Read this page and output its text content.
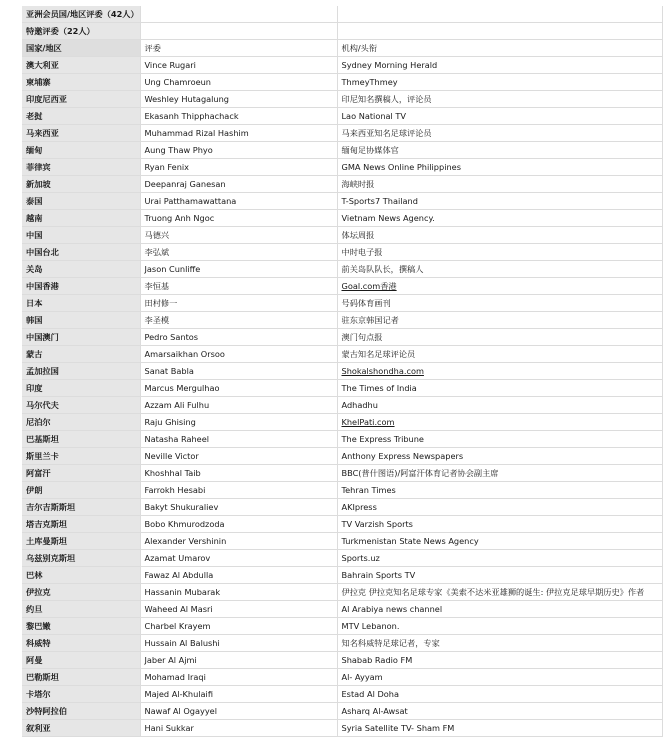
亚洲会员国/地区评委（42人）		
特邀评委（22人）		
国家/地区	评委	机构/头衔
澳大利亚	Vince Rugari	Sydney Morning Herald
柬埔寨	Ung Chamroeun	ThmeyThmey
印度尼西亚	Weshley Hutagalung	印尼知名撰稿人，评论员
老挝	Ekasanh Thipphachack	Lao National TV
马来西亚	Muhammad Rizal Hashim	马来西亚知名足球评论员
缅甸	Aung Thaw Phyo	缅甸足协媒体官
菲律宾	Ryan Fenix	GMA News Online Philippines
新加坡	Deepanraj Ganesan	海峡时报
泰国	Urai Patthamawattana	T-Sports7 Thailand
越南	Truong Anh Ngoc	Vietnam News Agency.
中国	马德兴	体坛周报
中国台北	李弘斌	中时电子报
关岛	Jason Cunliffe	前关岛队队长，撰稿人
中国香港	李恒基	Goal.com香港
日本	田村修一	号码体育画刊
韩国	李圣模	驻东京韩国记者
中国澳门	Pedro Santos	澳门句点报
蒙古	Amarsaikhan Orsoo	蒙古知名足球评论员
孟加拉国	Sanat Babla	Shokalshondha.com
印度	Marcus Mergulhao	The Times of India
马尔代夫	Azzam Ali Fulhu	Adhadhu
尼泊尔	Raju Ghising	KhelPati.com
巴基斯坦	Natasha Raheel	The Express Tribune
斯里兰卡	Neville Victor	Anthony Express Newspapers
阿富汗	Khoshhal Taib	BBC(普什图语)/阿富汗体育记者协会副主席
伊朗	Farrokh Hesabi	Tehran Times
吉尔吉斯斯坦	Bakyt Shukuraliev	AKIpress
塔吉克斯坦	Bobo Khmurodzoda	TV Varzish Sports
土库曼斯坦	Alexander Vershinin	Turkmenistan State News Agency
乌兹别克斯坦	Azamat Umarov	Sports.uz
巴林	Fawaz Al Abdulla	Bahrain Sports TV
伊拉克	Hassanin Mubarak	伊拉克 伊拉克知名足球专家《美索不达米亚雄狮的诞生: 伊拉克足球早期历史》作者
约旦	Waheed Al Masri	Al Arabiya news channel
黎巴嫩	Charbel Krayem	MTV Lebanon.
科威特	Hussain Al Balushi	知名科威特足球记者，专家
阿曼	Jaber Al Ajmi	Shabab Radio FM
巴勒斯坦	Mohamad Iraqi	Al- Ayyam
卡塔尔	Majed Al-Khulaifi	Estad Al Doha
沙特阿拉伯	Nawaf Al Ogayyel	Asharq Al-Awsat
叙利亚	Hani Sukkar	Syria Satellite TV- Sham FM
